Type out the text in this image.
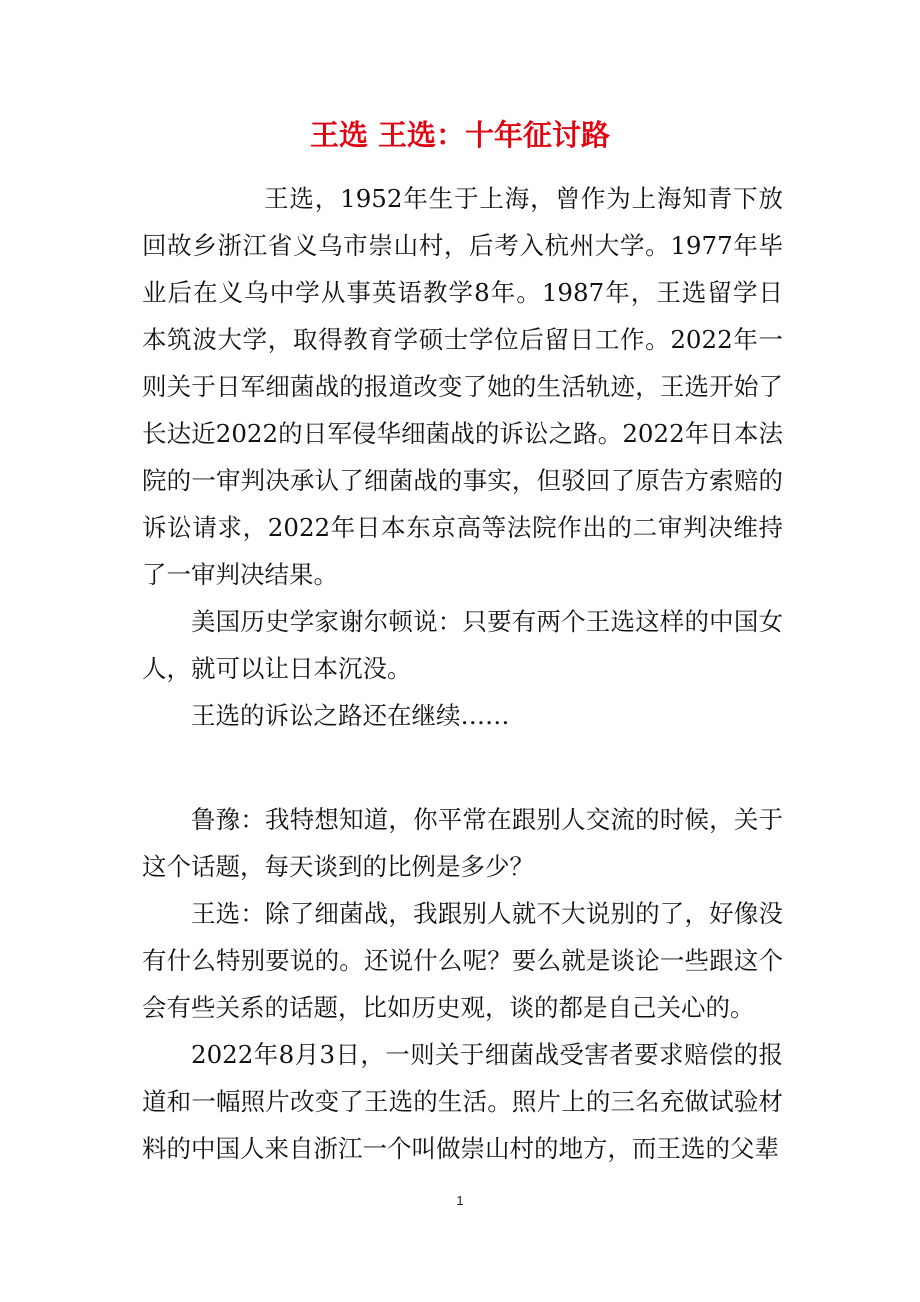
王选 王选：十年征讨路

王选，1952年生于上海，曾作为上海知青下放回故乡浙江省义乌市崇山村，后考入杭州大学。1977年毕业后在义乌中学从事英语教学8年。1987年，王选留学日本筑波大学，取得教育学硕士学位后留日工作。2022年一则关于日军细菌战的报道改变了她的生活轨迹，王选开始了长达近2022的日军侵华细菌战的诉讼之路。2022年日本法院的一审判决承认了细菌战的事实，但驳回了原告方索赔的诉讼请求，2022年日本东京高等法院作出的二审判决维持了一审判决结果。

美国历史学家谢尔顿说：只要有两个王选这样的中国女人，就可以让日本沉没。

王选的诉讼之路还在继续……

鲁豫：我特想知道，你平常在跟别人交流的时候，关于这个话题，每天谈到的比例是多少？

王选：除了细菌战，我跟别人就不大说别的了，好像没有什么特别要说的。还说什么呢？要么就是谈论一些跟这个会有些关系的话题，比如历史观，谈的都是自己关心的。

2022年8月3日，一则关于细菌战受害者要求赔偿的报道和一幅照片改变了王选的生活。照片上的三名充做试验材料的中国人来自浙江一个叫做崇山村的地方，而王选的父辈

1
